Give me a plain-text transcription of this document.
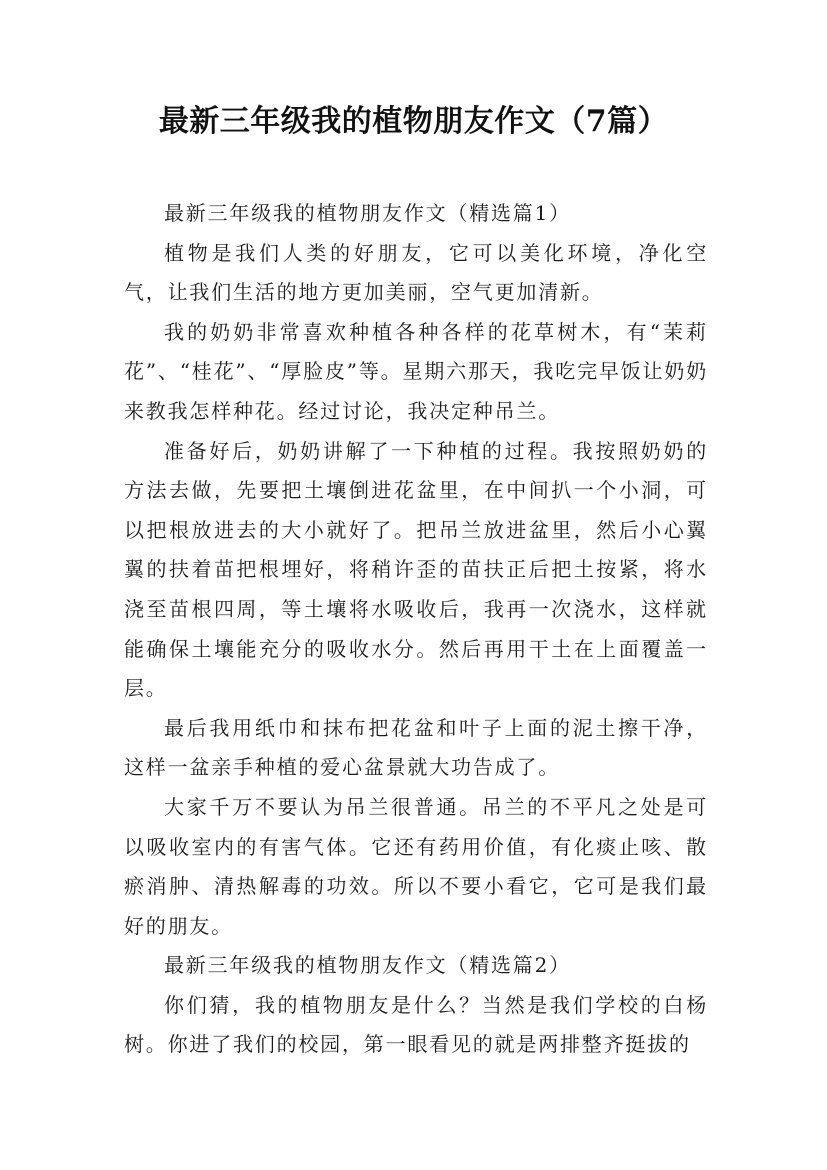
最新三年级我的植物朋友作文（7篇）

最新三年级我的植物朋友作文（精选篇1）

植物是我们人类的好朋友，它可以美化环境，净化空气，让我们生活的地方更加美丽，空气更加清新。

我的奶奶非常喜欢种植各种各样的花草树木，有“茉莉花”、“桂花”、“厚脸皮”等。星期六那天，我吃完早饭让奶奶来教我怎样种花。经过讨论，我决定种吊兰。

准备好后，奶奶讲解了一下种植的过程。我按照奶奶的方法去做，先要把土壤倒进花盆里，在中间扒一个小洞，可以把根放进去的大小就好了。把吊兰放进盆里，然后小心翼翼的扶着苗把根埋好，将稍许歪的苗扶正后把土按紧，将水浇至苗根四周，等土壤将水吸收后，我再一次浇水，这样就能确保土壤能充分的吸收水分。然后再用干土在上面覆盖一层。

最后我用纸巾和抹布把花盆和叶子上面的泥土擦干净，这样一盆亲手种植的爱心盆景就大功告成了。

大家千万不要认为吊兰很普通。吊兰的不平凡之处是可以吸收室内的有害气体。它还有药用价值，有化痰止咳、散瘀消肿、清热解毒的功效。所以不要小看它，它可是我们最好的朋友。

最新三年级我的植物朋友作文（精选篇2）

你们猜，我的植物朋友是什么？当然是我们学校的白杨树。你进了我们的校园，第一眼看见的就是两排整齐挺拔的
